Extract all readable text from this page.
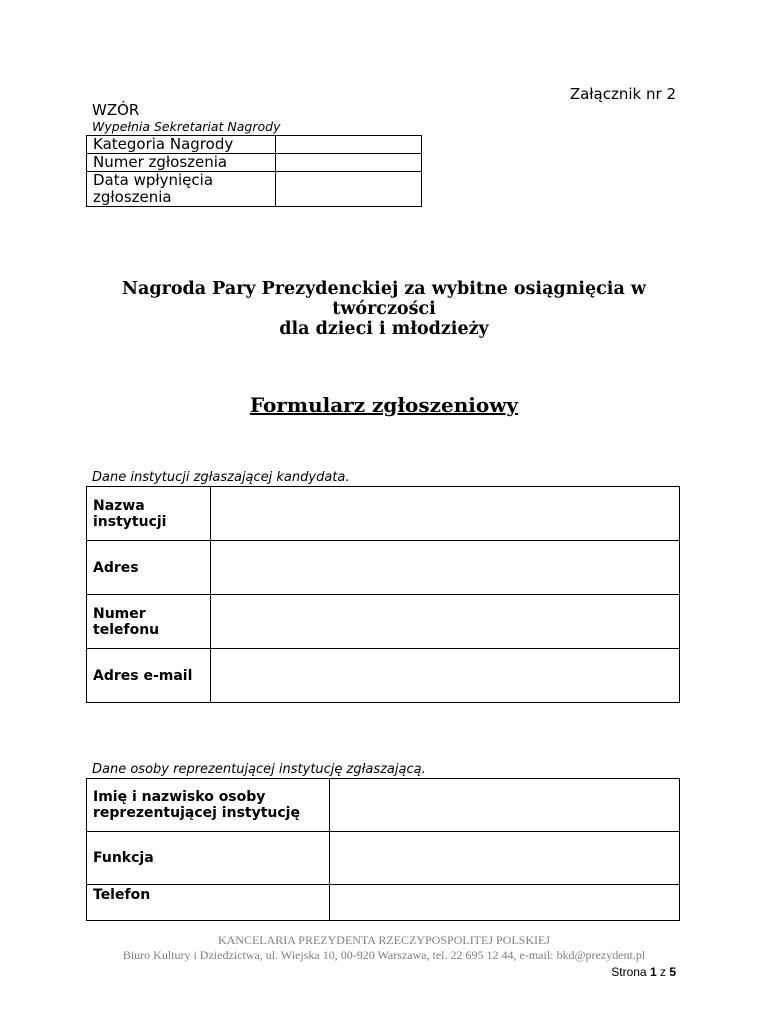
Załącznik nr 2
WZÓR
Wypełnia Sekretariat Nagrody
Kategoria Nagrody	
Numer zgłoszenia	
Data wpłynięcia zgłoszenia	
Nagroda Pary Prezydenckiej za wybitne osiągnięcia w twórczości
dla dzieci i młodzieży
Formularz zgłoszeniowy
Dane instytucji zgłaszającej kandydata.
Nazwa instytucji	
Adres	
Numer telefonu	
Adres e-mail	
Dane osoby reprezentującej instytucję zgłaszającą.
Imię i nazwisko osoby reprezentującej instytucję	
Funkcja	
Telefon	
KANCELARIA PREZYDENTA RZECZYPOSPOLITEJ POLSKIEJ
Biuro Kultury i Dziedzictwa, ul. Wiejska 10, 00-920 Warszawa, tel. 22 695 12 44, e-mail: bkd@prezydent.pl
Strona 1 z 5
